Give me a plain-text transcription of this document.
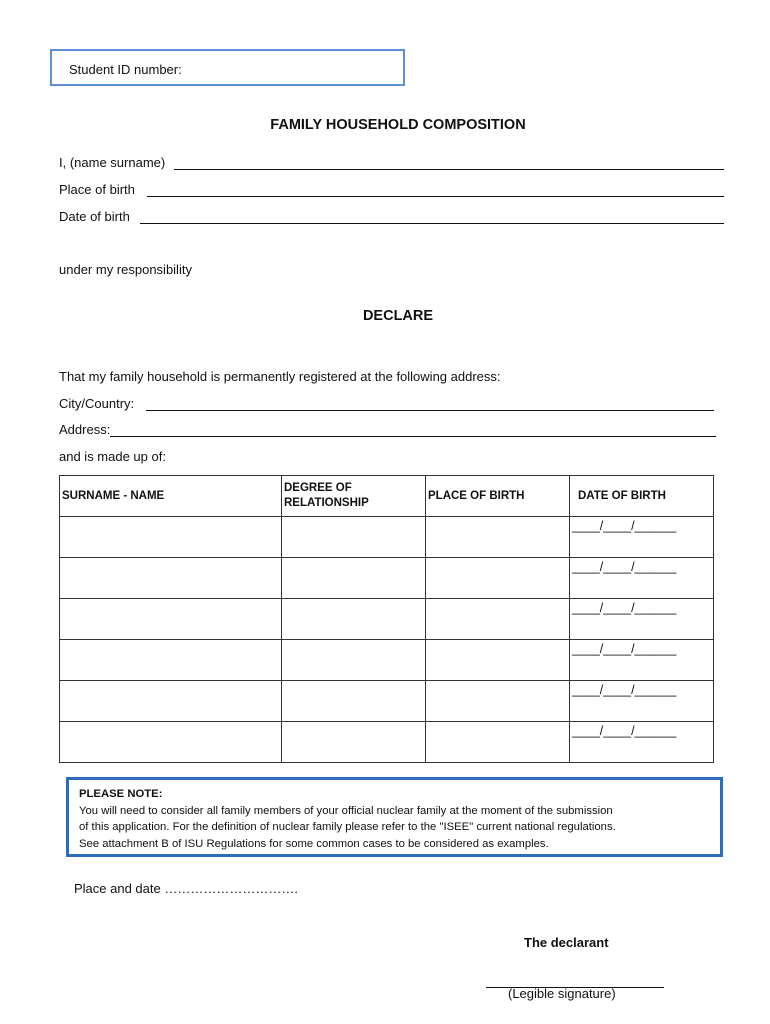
Student ID number:
FAMILY HOUSEHOLD COMPOSITION
I, (name surname)
Place of birth
Date of birth
under my responsibility
DECLARE
That my family household is permanently registered at the following address:
City/Country:
Address:
and is made up of:
SURNAME - NAME	DEGREE OF RELATIONSHIP	PLACE OF BIRTH	DATE OF BIRTH
			____/____/______
			____/____/______
			____/____/______
			____/____/______
			____/____/______
			____/____/______
PLEASE NOTE:
You will need to consider all family members of your official nuclear family at the moment of the submission
of this application. For the definition of nuclear family please refer to the "ISEE" current national regulations.
See attachment B of ISU Regulations for some common cases to be considered as examples.
Place and date ………………………….
The declarant
(Legible signature)
